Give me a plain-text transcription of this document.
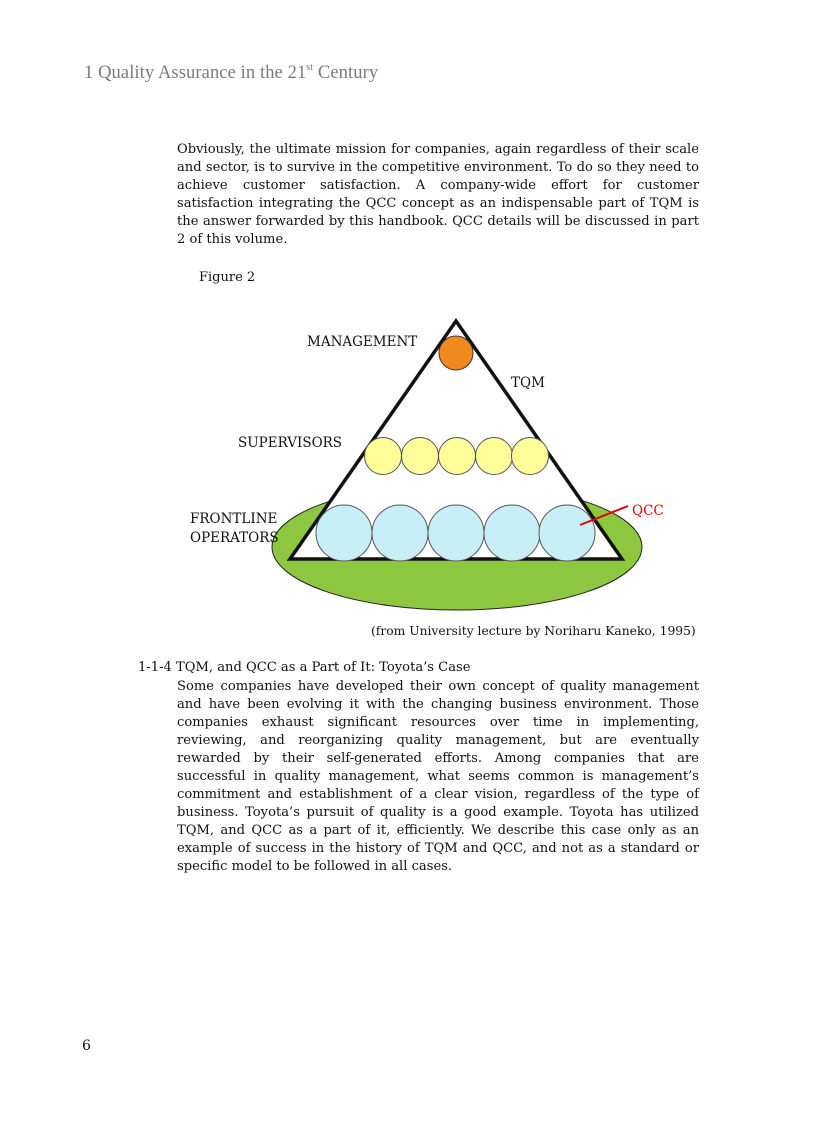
1 Quality Assurance in the 21st Century

Obviously, the ultimate mission for companies, again regardless of their scale and sector, is to survive in the competitive environment. To do so they need to achieve customer satisfaction. A company-wide effort for customer satisfaction integrating the QCC concept as an indispensable part of TQM is the answer forwarded by this handbook. QCC details will be discussed in part 2 of this volume.

Figure 2
MANAGEMENT
TQM
SUPERVISORS
FRONTLINE
OPERATORS
QCC
(from University lecture by Noriharu Kaneko, 1995)
1-1-4 TQM, and QCC as a Part of It: Toyota’s Case

Some companies have developed their own concept of quality management and have been evolving it with the changing business environment. Those companies exhaust significant resources over time in implementing, reviewing, and reorganizing quality management, but are eventually rewarded by their self-generated efforts. Among companies that are successful in quality management, what seems common is management’s commitment and establishment of a clear vision, regardless of the type of business. Toyota’s pursuit of quality is a good example. Toyota has utilized TQM, and QCC as a part of it, efficiently. We describe this case only as an example of success in the history of TQM and QCC, and not as a standard or specific model to be followed in all cases.

6
